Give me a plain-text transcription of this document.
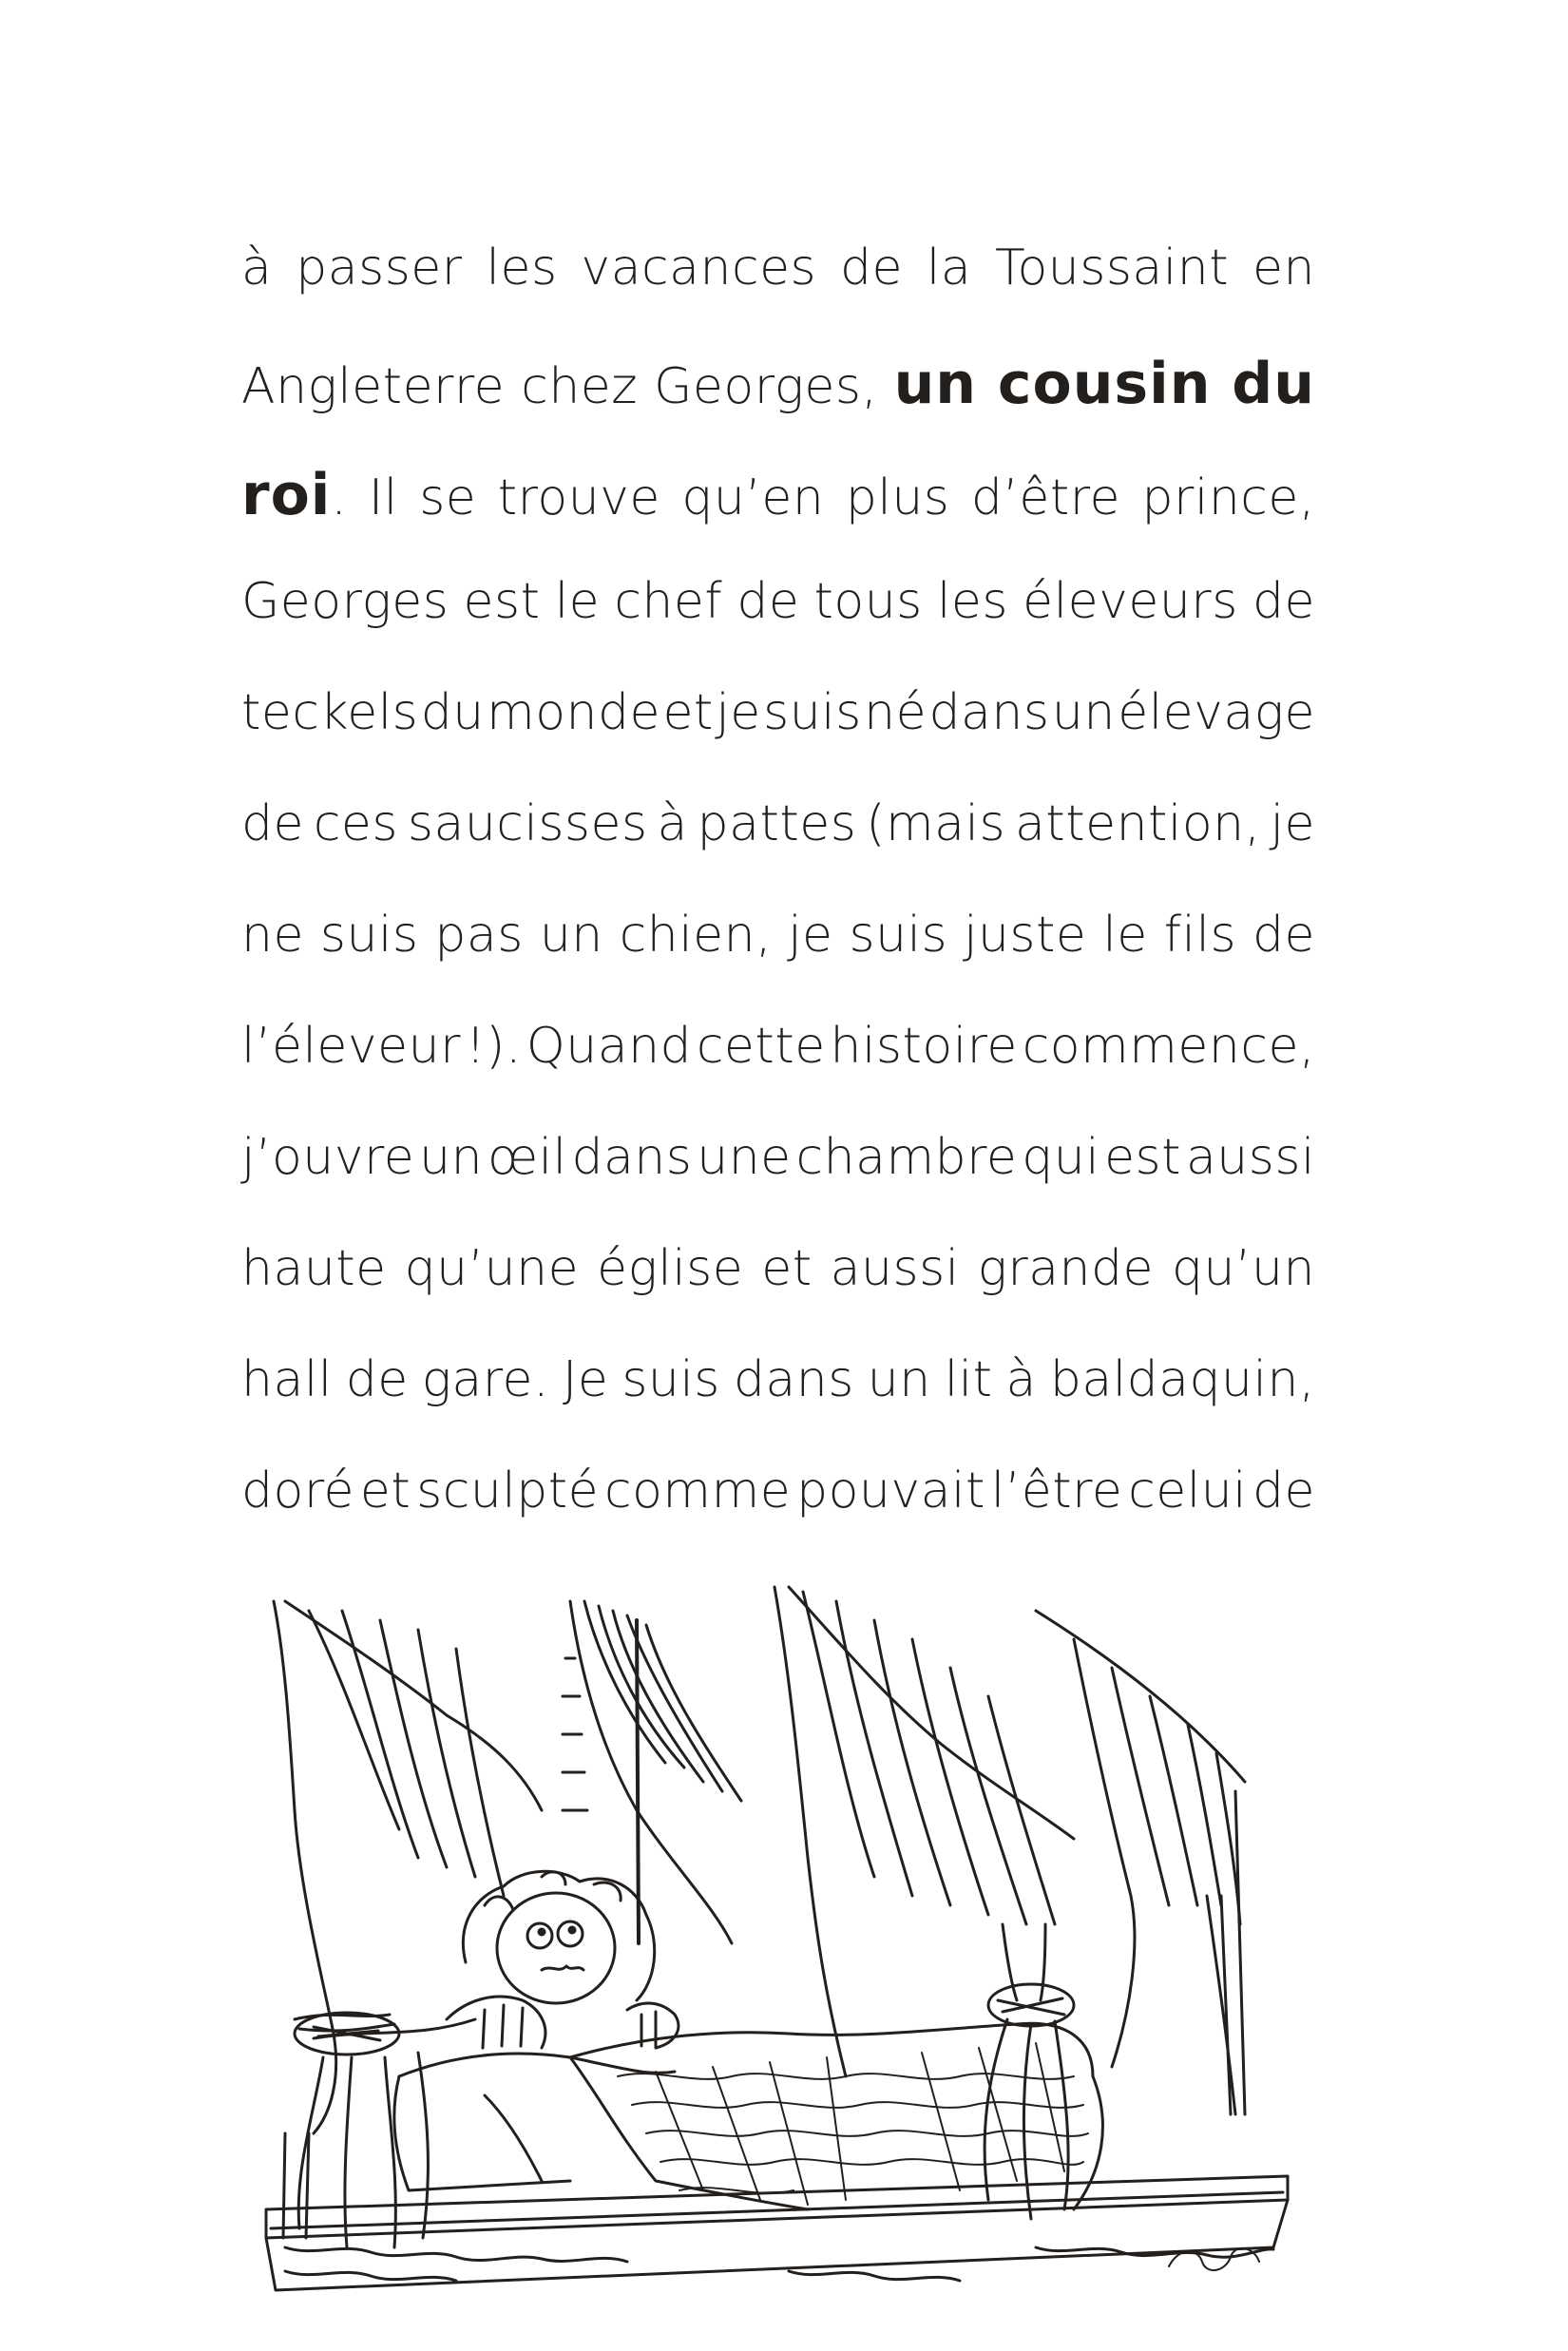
à passer les vacances de la Toussaint en
Angleterre chez Georges, un cousin du
roi. Il se trouve qu’en plus d’être prince,
Georges est le chef de tous les éleveurs de
teckels du monde et je suis né dans un élevage
de ces saucisses à pattes (mais attention, je
ne suis pas un chien, je suis juste le fils de
l’éleveur !). Quand cette histoire commence,
j’ouvre un œil dans une chambre qui est aussi
haute qu’une église et aussi grande qu’un
hall de gare. Je suis dans un lit à baldaquin,
doré et sculpté comme pouvait l’être celui de
